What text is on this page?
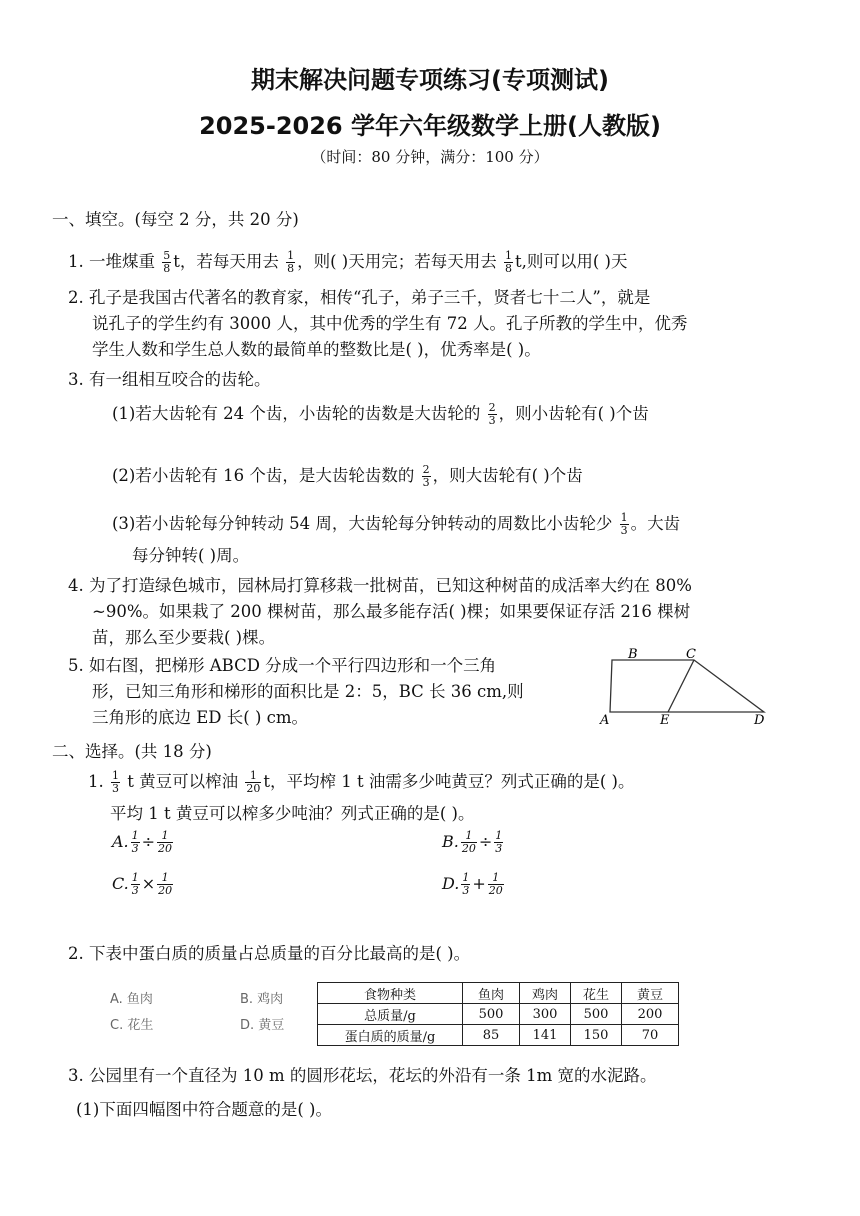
期末解决问题专项练习(专项测试)
2025-2026 学年六年级数学上册(人教版)
（时间：80 分钟，满分：100 分）
一、填空。(每空 2 分，共 20 分)
1. 一堆煤重 $\frac{5}{8}$ t，若每天用去 $\frac{1}{8}$ ，则( )天用完；若每天用去 $\frac{1}{8} t$,则可以用( )天
2. 孔子是我国古代著名的教育家，相传“孔子，弟子三千，贤者七十二人”，就是
说孔子的学生约有 3000 人，其中优秀的学生有 72 人。孔子所教的学生中，优秀
学生人数和学生总人数的最简单的整数比是( )，优秀率是( )。
3. 有一组相互咬合的齿轮。
(1)若大齿轮有 24 个齿，小齿轮的齿数是大齿轮的 $\frac{2}{3}$ ，则小齿轮有( )个齿
(2)若小齿轮有 16 个齿，是大齿轮齿数的 $\frac{2}{3}$ ，则大齿轮有( )个齿
(3)若小齿轮每分钟转动 54 周，大齿轮每分钟转动的周数比小齿轮少 $\frac{1}{3}$ 。大齿
每分钟转( )周。
4. 为了打造绿色城市，园林局打算移栽一批树苗，已知这种树苗的成活率大约在 80%
~90%。如果栽了 200 棵树苗，那么最多能存活( )棵；如果要保证存活 216 棵树
苗，那么至少要栽( )棵。
5. 如右图，把梯形 ABCD 分成一个平行四边形和一个三角
形，已知三角形和梯形的面积比是 2：5，BC 长 36 cm,则
三角形的底边 ED 长( ) cm。
B	C
A	E	D
二、选择。(共 18 分)
1. $\frac{1}{3}$ t 黄豆可以榨油 $\frac{1}{20}$ t，平均榨 1 t 油需多少吨黄豆？列式正确的是( )。
平均 1 t 黄豆可以榨多少吨油？列式正确的是( )。
A. $\frac{1}{3} \div \frac{1}{20}$	B. $\frac{1}{20} \div \frac{1}{3}$
C. $\frac{1}{3} \times \frac{1}{20}$	D. $\frac{1}{3} + \frac{1}{20}$
2. 下表中蛋白质的质量占总质量的百分比最高的是( )。
A. 鱼肉	B. 鸡肉
C. 花生	D. 黄豆
食物种类	鱼肉	鸡肉	花生	黄豆
总质量/g	500	300	500	200
蛋白质的质量/g	85	141	150	70
3. 公园里有一个直径为 10 m 的圆形花坛，花坛的外沿有一条 1m 宽的水泥路。
(1)下面四幅图中符合题意的是( )。
